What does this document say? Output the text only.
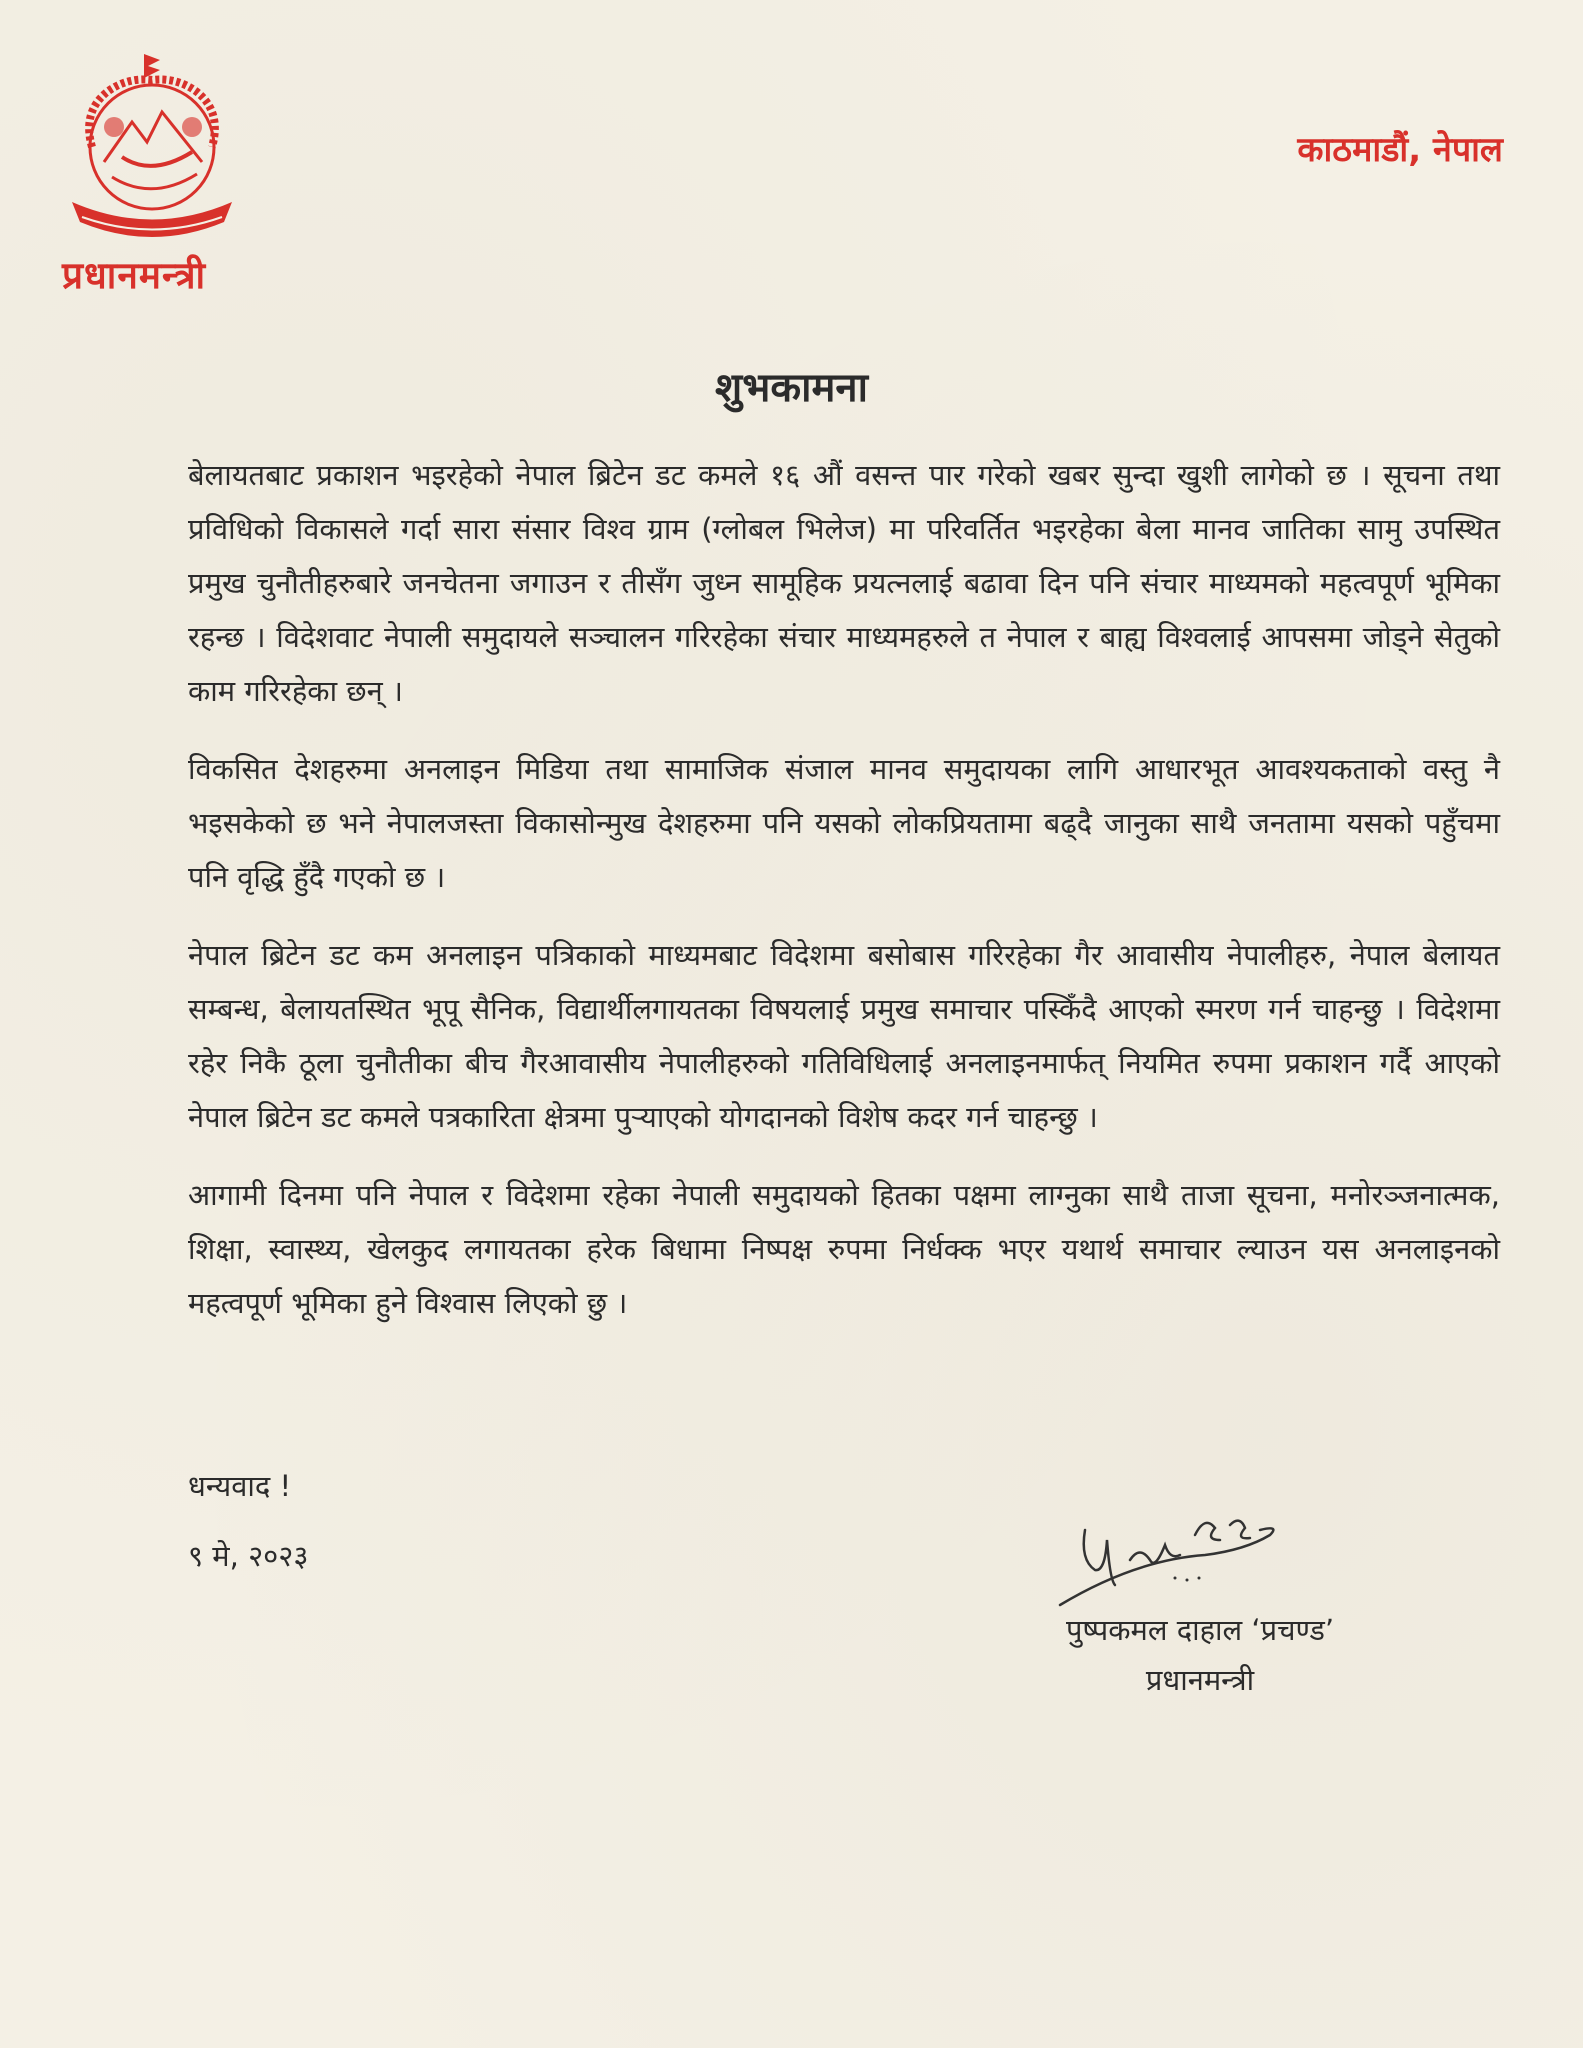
प्रधानमन्त्री
काठमाडौं, नेपाल
शुभकामना

बेलायतबाट प्रकाशन भइरहेको नेपाल ब्रिटेन डट कमले १६ औं वसन्त पार गरेको खबर सुन्दा खुशी लागेको छ । सूचना तथा प्रविधिको विकासले गर्दा सारा संसार विश्व ग्राम (ग्लोबल भिलेज) मा परिवर्तित भइरहेका बेला मानव जातिका सामु उपस्थित प्रमुख चुनौतीहरुबारे जनचेतना जगाउन र तीसँग जुध्न सामूहिक प्रयत्नलाई बढावा दिन पनि संचार माध्यमको महत्वपूर्ण भूमिका रहन्छ । विदेशवाट नेपाली समुदायले सञ्चालन गरिरहेका संचार माध्यमहरुले त नेपाल र बाह्य विश्वलाई आपसमा जोड्ने सेतुको काम गरिरहेका छन् ।

विकसित देशहरुमा अनलाइन मिडिया तथा सामाजिक संजाल मानव समुदायका लागि आधारभूत आवश्यकताको वस्तु नै भइसकेको छ भने नेपालजस्ता विकासोन्मुख देशहरुमा पनि यसको लोकप्रियतामा बढ्दै जानुका साथै जनतामा यसको पहुँचमा पनि वृद्धि हुँदै गएको छ ।

नेपाल ब्रिटेन डट कम अनलाइन पत्रिकाको माध्यमबाट विदेशमा बसोबास गरिरहेका गैर आवासीय नेपालीहरु, नेपाल बेलायत सम्बन्ध, बेलायतस्थित भूपू सैनिक, विद्यार्थीलगायतका विषयलाई प्रमुख समाचार पस्किँदै आएको स्मरण गर्न चाहन्छु । विदेशमा रहेर निकै ठूला चुनौतीका बीच गैरआवासीय नेपालीहरुको गतिविधिलाई अनलाइनमार्फत् नियमित रुपमा प्रकाशन गर्दै आएको नेपाल ब्रिटेन डट कमले पत्रकारिता क्षेत्रमा पुऱ्याएको योगदानको विशेष कदर गर्न चाहन्छु ।

आगामी दिनमा पनि नेपाल र विदेशमा रहेका नेपाली समुदायको हितका पक्षमा लाग्नुका साथै ताजा सूचना, मनोरञ्जनात्मक, शिक्षा, स्वास्थ्य, खेलकुद लगायतका हरेक बिधामा निष्पक्ष रुपमा निर्धक्क भएर यथार्थ समाचार ल्याउन यस अनलाइनको महत्वपूर्ण भूमिका हुने विश्वास लिएको छु ।

धन्यवाद !
९ मे, २०२३
पुष्पकमल दाहाल ‘प्रचण्ड’
प्रधानमन्त्री
